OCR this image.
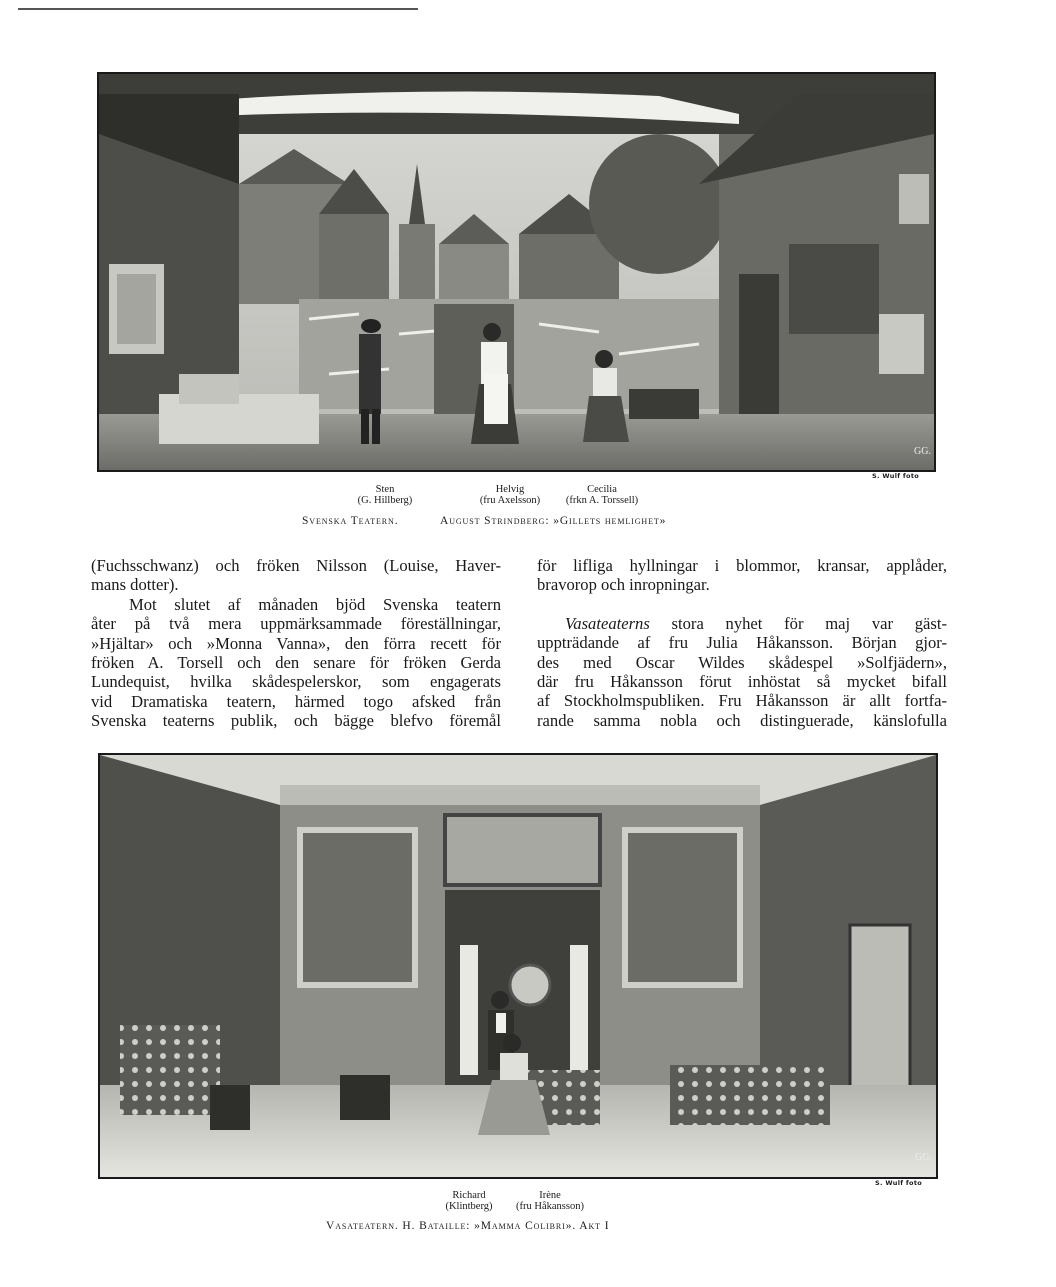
GG.
S. Wulf foto
Sten
(G. Hillberg)
Helvig
(fru Axelsson)
Cecilia
(frkn A. Torssell)
Svenska Teatern.	August Strindberg: »Gillets hemlighet»

(Fuchsschwanz) och fröken Nilsson (Louise, Haver-

mans dotter).

Mot slutet af månaden bjöd Svenska teatern

åter på två mera uppmärksammade föreställningar,

»Hjältar» och »Monna Vanna», den förra recett för

fröken A. Torsell och den senare för fröken Gerda

Lundequist, hvilka skådespelerskor, som engagerats

vid Dramatiska teatern, härmed togo afsked från

Svenska teaterns publik, och bägge blefvo föremål

för lifliga hyllningar i blommor, kransar, applåder,

bravorop och inropningar.

Vasateaterns stora nyhet för maj var gäst-

uppträdande af fru Julia Håkansson. Början gjor-

des med Oscar Wildes skådespel »Solfjädern»,

där fru Håkansson förut inhöstat så mycket bifall

af Stockholmspubliken. Fru Håkansson är allt fortfa-

rande samma nobla och distinguerade, känslofulla

GG.
S. Wulf foto
Richard
(Klintberg)
Irène
(fru Håkansson)
Vasateatern. H. Bataille: »Mamma Colibri». Akt I
